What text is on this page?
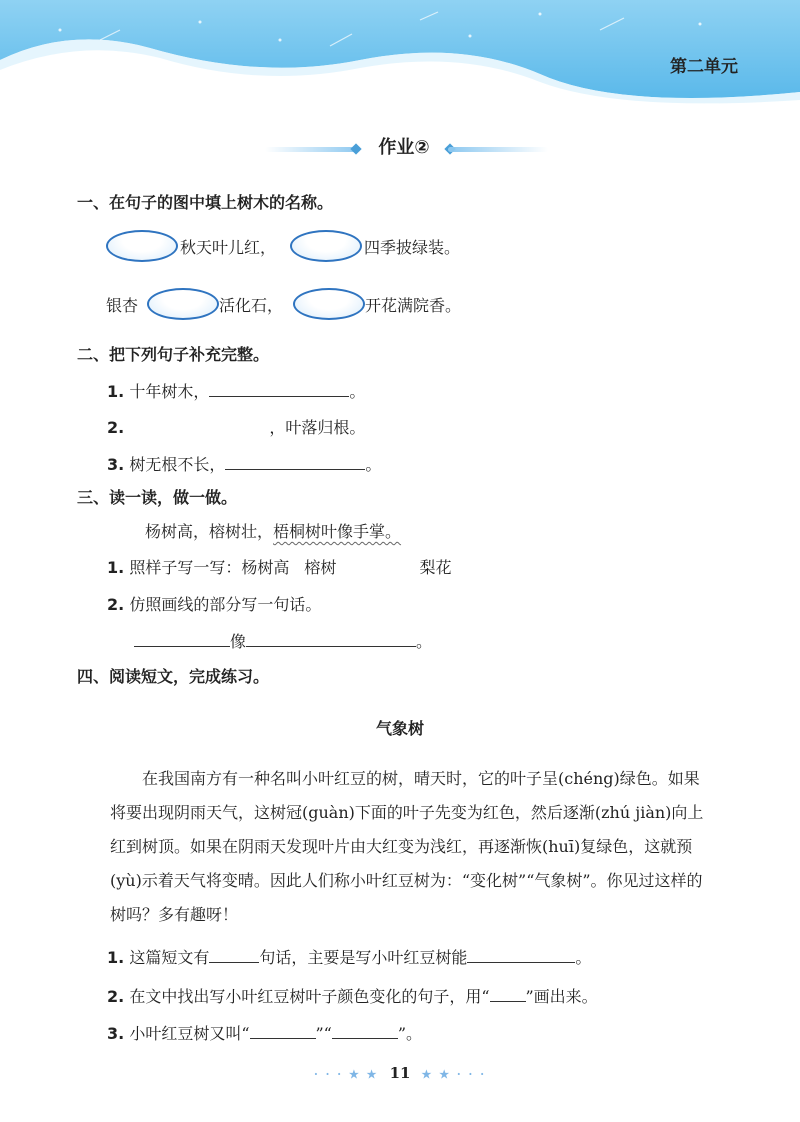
第二单元
作业②
一、在句子的图中填上树木的名称。
秋天叶儿红，	四季披绿装。
银杏	活化石，	开花满院香。
二、把下列句子补充完整。
1. 十年树木，	。
2.	，叶落归根。
3. 树无根不长，	。
三、读一读，做一做。
杨树高，榕树壮，梧桐树叶像手掌。
1. 照样子写一写：杨树高 榕树	梨花
2. 仿照画线的部分写一句话。
像	。
四、阅读短文，完成练习。
气象树

在我国南方有一种名叫小叶红豆的树，晴天时，它的叶子呈(chéng)绿色。如果将要出现阴雨天气，这树冠(guàn)下面的叶子先变为红色，然后逐渐(zhú jiàn)向上红到树顶。如果在阴雨天发现叶片由大红变为浅红，再逐渐恢(huī)复绿色，这就预(yù)示着天气将变晴。因此人们称小叶红豆树为：“变化树”“气象树”。你见过这样的树吗？多有趣呀！

1. 这篇短文有	句话，主要是写小叶红豆树能	。
2. 在文中找出写小叶红豆树叶子颜色变化的句子，用“ ”画出来。
3. 小叶红豆树又叫“	”“	”。
· · · ★ ★  11  ★ ★ · · ·
